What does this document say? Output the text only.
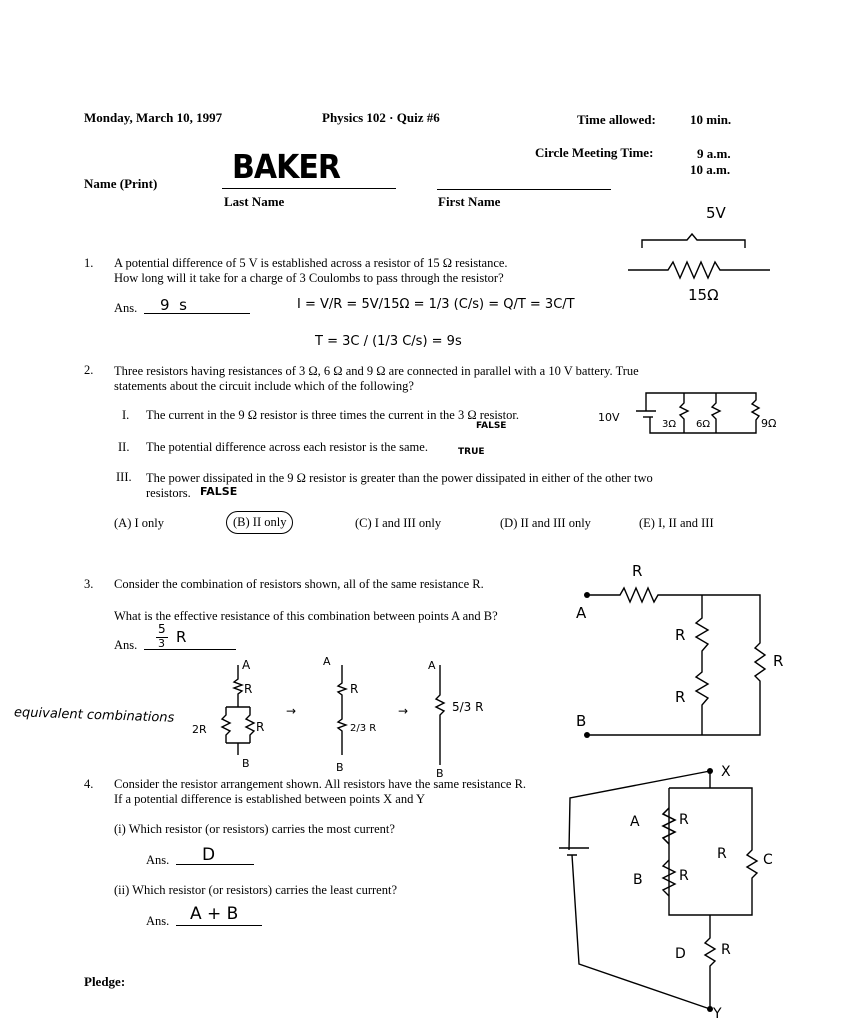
Monday, March 10, 1997	Physics 102 · Quiz #6	Time allowed:	10 min.
Circle Meeting Time:	9 a.m.
10 a.m.
Name (Print) BAKER
Last Name	First Name
1. A potential difference of 5 V is established across a resistor of 15 Ω resistance.
How long will it take for a charge of 3 Coulombs to pass through the resistor?
Ans. 9  s	I = V/R = 5V/15Ω = 1/3 (C/s) = Q/T = 3C/T
T = 3C / (1/3 C/s) = 9s
5V
15Ω
2. Three resistors having resistances of 3 Ω, 6 Ω and 9 Ω are connected in parallel with a 10 V battery. True
statements about the circuit include which of the following?
I. The current in the 9 Ω resistor is three times the current in the 3 Ω resistor.
FALSE
II. The potential difference across each resistor is the same.	TRUE
III. The power dissipated in the 9 Ω resistor is greater than the power dissipated in either of the other two
resistors. FALSE
(A) I only	(B) II only	(C) I and III only	(D) II and III only	(E) I, II and III
10V
3Ω 6Ω	9Ω
3. Consider the combination of resistors shown, all of the same resistance R.
What is the effective resistance of this combination between points A and B?
Ans.
5
3 R
equivalent combinations
A
R
2R	R
B
→
A
R
2/3 R
B
→
A
5/3 R
B
A
R
R
R
R
B
4. Consider the resistor arrangement shown. All resistors have the same resistance R.
If a potential difference is established between points X and Y
(i) Which resistor (or resistors) carries the most current?
Ans. D
(ii) Which resistor (or resistors) carries the least current?
Ans. A + B
X
A	R
B	R
R	C
D	R
Y
Pledge:
